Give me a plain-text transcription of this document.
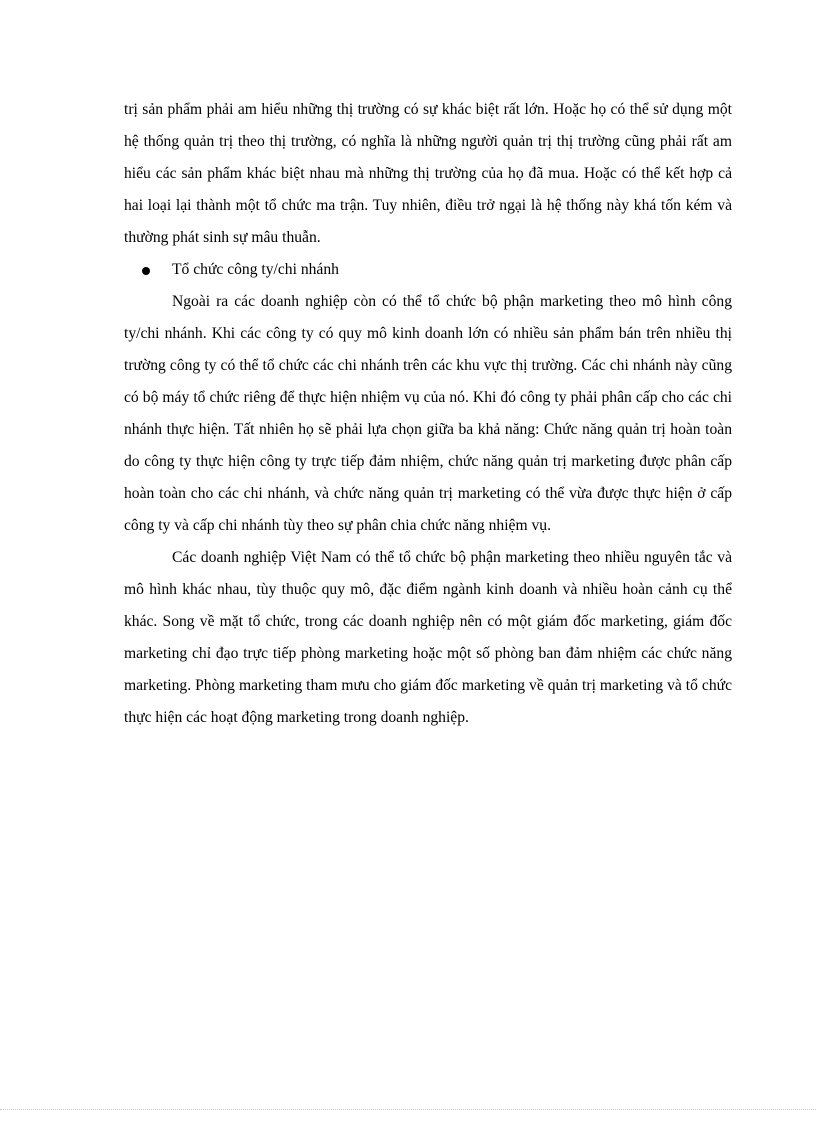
trị sản phẩm phải am hiểu những thị trường có sự khác biệt rất lớn. Hoặc họ có thể sử dụng một hệ thống quản trị theo thị trường, có nghĩa là những người quản trị thị trường cũng phải rất am hiểu các sản phẩm khác biệt nhau mà những thị trường của họ đã mua. Hoặc có thể kết hợp cả hai loại lại thành một tổ chức ma trận. Tuy nhiên, điều trở ngại là hệ thống này khá tốn kém và thường phát sinh sự mâu thuẫn.

Tổ chức công ty/chi nhánh

Ngoài ra các doanh nghiệp còn có thể tổ chức bộ phận marketing theo mô hình công ty/chi nhánh. Khi các công ty có quy mô kinh doanh lớn có nhiều sản phẩm bán trên nhiều thị trường công ty có thể tổ chức các chi nhánh trên các khu vực thị trường. Các chi nhánh này cũng có bộ máy tổ chức riêng để thực hiện nhiệm vụ của nó. Khi đó công ty phải phân cấp cho các chi nhánh thực hiện. Tất nhiên họ sẽ phải lựa chọn giữa ba khả năng: Chức năng quản trị hoàn toàn do công ty thực hiện công ty trực tiếp đảm nhiệm, chức năng quản trị marketing được phân cấp hoàn toàn cho các chi nhánh, và chức năng quản trị marketing có thể vừa được thực hiện ở cấp công ty và cấp chi nhánh tùy theo sự phân chia chức năng nhiệm vụ.

Các doanh nghiệp Việt Nam có thể tổ chức bộ phận marketing theo nhiều nguyên tắc và mô hình khác nhau, tùy thuộc quy mô, đặc điểm ngành kinh doanh và nhiều hoàn cảnh cụ thể khác. Song về mặt tổ chức, trong các doanh nghiệp nên có một giám đốc marketing, giám đốc marketing chỉ đạo trực tiếp phòng marketing hoặc một số phòng ban đảm nhiệm các chức năng marketing. Phòng marketing tham mưu cho giám đốc marketing về quản trị marketing và tổ chức thực hiện các hoạt động marketing trong doanh nghiệp.
